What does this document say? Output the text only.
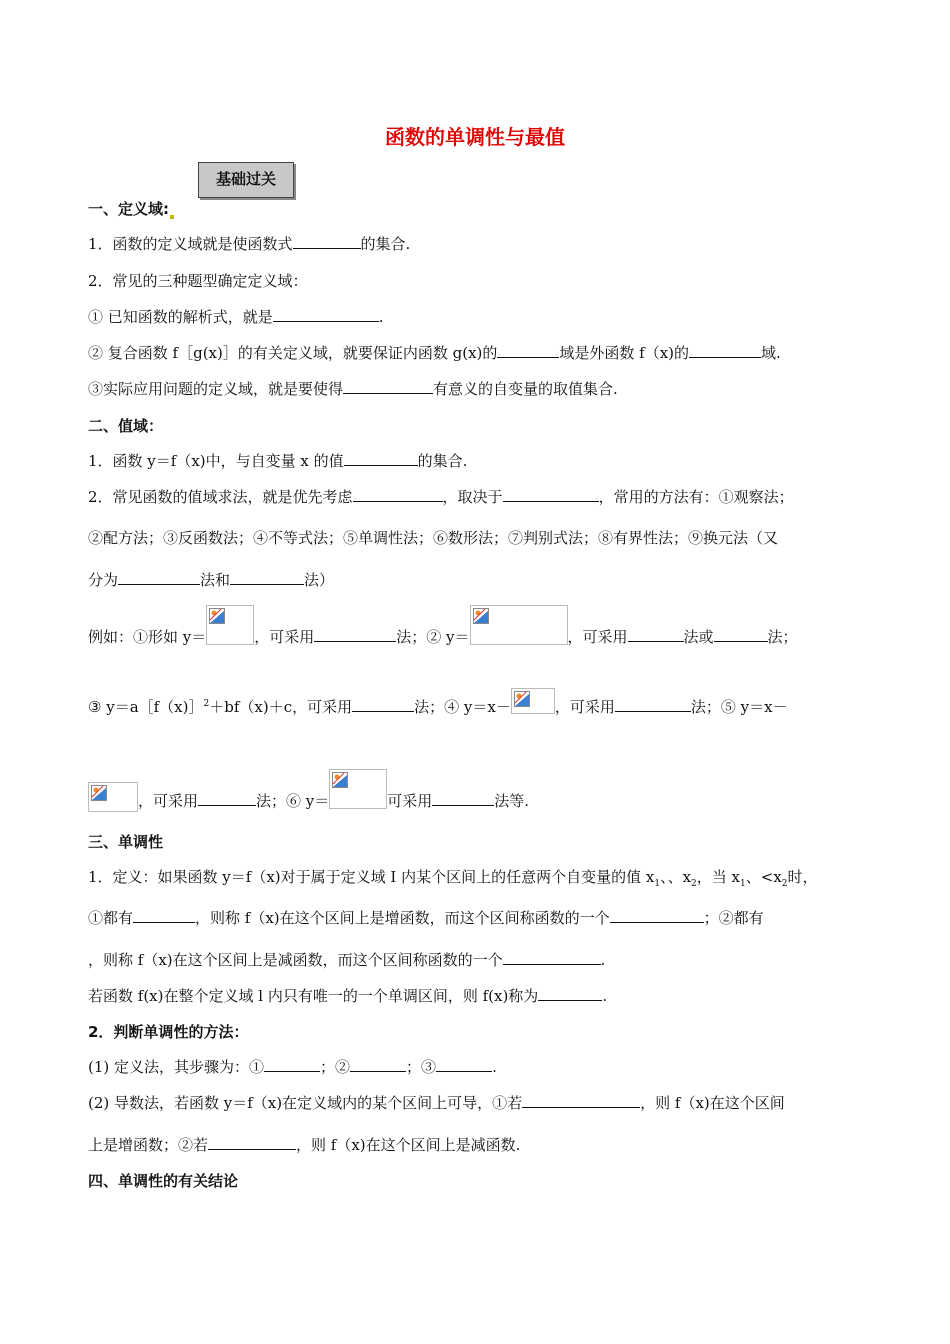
函数的单调性与最值
基础过关
一、定义域:
1．函数的定义域就是使函数式	的集合.
2．常见的三种题型确定定义域：
① 已知函数的解析式，就是	.
② 复合函数 f［g(x)］的有关定义域，就要保证内函数 g(x)的	域是外函数 f（x)的	域.
③实际应用问题的定义域，就是要使得	有意义的自变量的取值集合.
二、值域：
1．函数 y＝f（x)中，与自变量 x 的值	的集合.
2．常见函数的值域求法，就是优先考虑	，取决于	，常用的方法有：①观察法；
②配方法；③反函数法；④不等式法；⑤单调性法；⑥数形法；⑦判别式法；⑧有界性法；⑨换元法（又
分为	法和	法）
例如：①形如 y＝	，可采用	法；② y＝	，可采用	法或	法；
③ y＝a［f（x)］$^2$＋bf（x)＋c，可采用	法；④ y＝x－	，可采用	法；⑤ y＝x－
，可采用	法；⑥ y＝	可采用	法等.
三、单调性
1．定义：如果函数 y＝f（x)对于属于定义域 I 内某个区间上的任意两个自变量的值 $x_1$、、$x_2$，当 $x_1$、$<x_2$时，
①都有	，则称 f（x)在这个区间上是增函数，而这个区间称函数的一个	；②都有
，则称 f（x)在这个区间上是减函数，而这个区间称函数的一个	.
若函数 f(x)在整个定义域 l 内只有唯一的一个单调区间，则 f(x)称为	.
2．判断单调性的方法：
(1) 定义法，其步骤为：①	；②	；③	.
(2) 导数法，若函数 y＝f（x)在定义域内的某个区间上可导，①若	，则 f（x)在这个区间
上是增函数；②若	，则 f（x)在这个区间上是减函数.
四、单调性的有关结论
